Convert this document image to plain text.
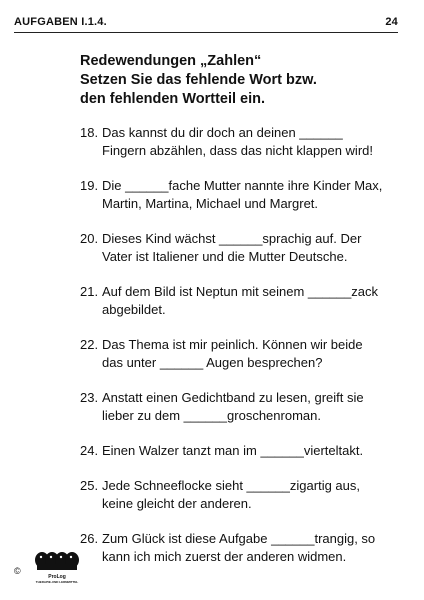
AUFGABEN I.1.4.	24
Redewendungen „Zahlen“
Setzen Sie das fehlende Wort bzw.
den fehlenden Wortteil ein.
18. Das kannst du dir doch an deinen ______
Fingern abzählen, dass das nicht klappen wird!
19. Die ______fache Mutter nannte ihre Kinder Max,
Martin, Martina, Michael und Margret.
20. Dieses Kind wächst ______sprachig auf. Der
Vater ist Italiener und die Mutter Deutsche.
21. Auf dem Bild ist Neptun mit seinem ______zack
abgebildet.
22. Das Thema ist mir peinlich. Können wir beide
das unter ______ Augen besprechen?
23. Anstatt einen Gedichtband zu lesen, greift sie
lieber zu dem ______groschenroman.
24. Einen Walzer tanzt man im ______vierteltakt.
25. Jede Schneeflocke sieht ______zigartig aus,
keine gleicht der anderen.
26. Zum Glück ist diese Aufgabe ______trangig, so
kann ich mich zuerst der anderen widmen.
©
ProLog
THERAPIE-UND LERNMITTEL
